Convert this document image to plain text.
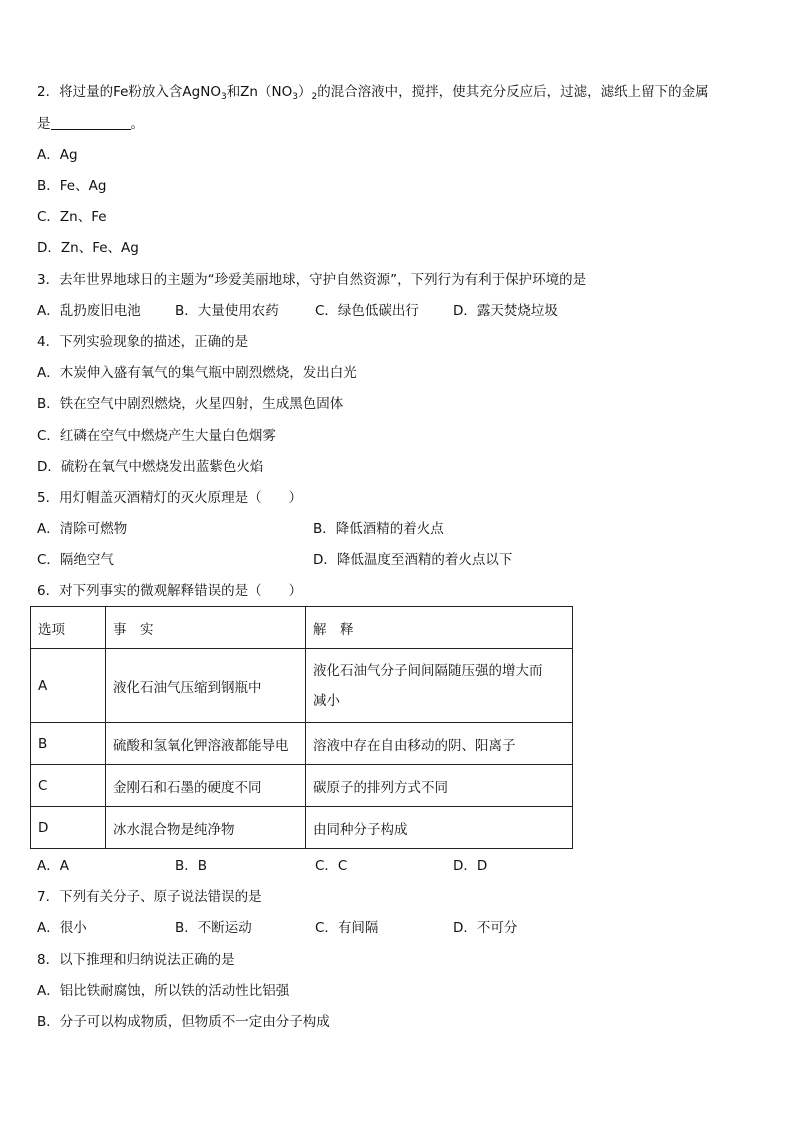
2．将过量的Fe粉放入含AgNO$_3$和$Zn(NO_3)_2$的混合溶液中，搅拌，使其充分反应后，过滤，滤纸上留下的金属
是	。
A．Ag
B．Fe、Ag
C．Zn、Fe
D．Zn、Fe、Ag
3．去年世界地球日的主题为“珍爱美丽地球，守护自然资源”，下列行为有利于保护环境的是
A．乱扔废旧电池	B．大量使用农药	C．绿色低碳出行	D．露天焚烧垃圾
4．下列实验现象的描述，正确的是
A．木炭伸入盛有氧气的集气瓶中剧烈燃烧，发出白光
B．铁在空气中剧烈燃烧，火星四射，生成黑色固体
C．红磷在空气中燃烧产生大量白色烟雾
D．硫粉在氧气中燃烧发出蓝紫色火焰
5．用灯帽盖灭酒精灯的灭火原理是（　　）
A．清除可燃物	B．降低酒精的着火点
C．隔绝空气	D．降低温度至酒精的着火点以下
6．对下列事实的微观解释错误的是（　　）
选项	事　实	解　释
A	液化石油气压缩到钢瓶中	液化石油气分子间间隔随压强的增大而
减小
B	硫酸和氢氧化钾溶液都能导电	溶液中存在自由移动的阴、阳离子
C	金刚石和石墨的硬度不同	碳原子的排列方式不同
D	冰水混合物是纯净物	由同种分子构成
A．A	B．B	C．C	D．D
7．下列有关分子、原子说法错误的是
A．很小	B．不断运动	C．有间隔	D．不可分
8．以下推理和归纳说法正确的是
A．铝比铁耐腐蚀，所以铁的活动性比铝强
B．分子可以构成物质，但物质不一定由分子构成
